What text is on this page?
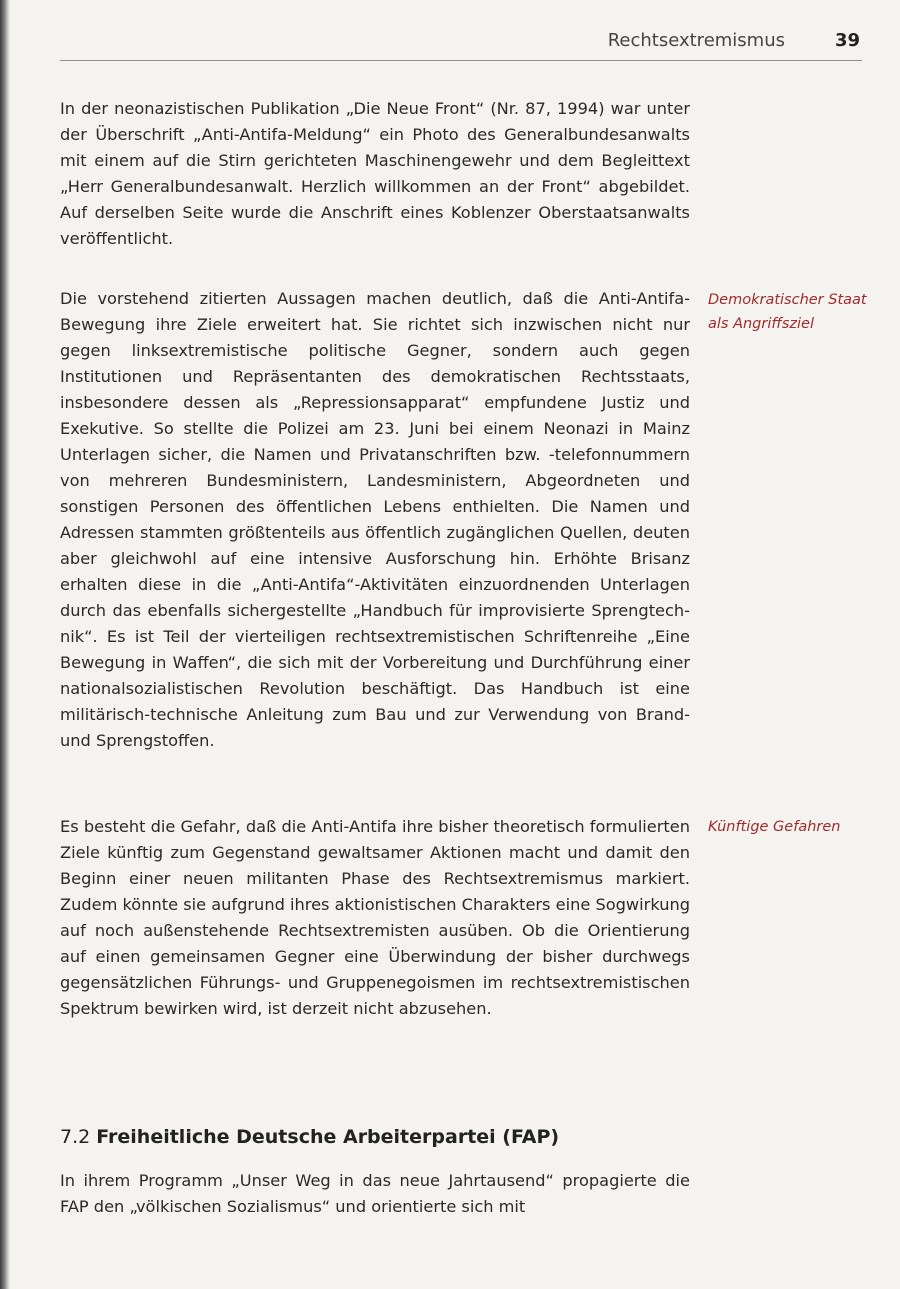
Rechtsextremismus	39

In der neonazistischen Publikation „Die Neue Front“ (Nr. 87, 1994) war unter der Überschrift „Anti-Antifa-Meldung“ ein Photo des Generalbundesanwalts mit einem auf die Stirn gerichteten Maschinengewehr und dem Begleittext „Herr Generalbundesanwalt. Herzlich willkommen an der Front“ abgebildet. Auf derselben Seite wurde die Anschrift eines Koblenzer Oberstaatsanwalts veröffentlicht.

Die vorstehend zitierten Aussagen machen deutlich, daß die Anti-Antifa-Bewegung ihre Ziele erweitert hat. Sie richtet sich inzwischen nicht nur gegen linksextremistische politische Gegner, sondern auch gegen Institutionen und Repräsentanten des demokratischen Rechtsstaats, insbesondere dessen als „Repressionsapparat“ empfundene Justiz und Exekutive. So stellte die Polizei am 23. Juni bei einem Neonazi in Mainz Unterlagen sicher, die Namen und Privatanschriften bzw. -telefonnummern von mehreren Bundesministern, Landesministern, Abgeordneten und sonstigen Personen des öffentlichen Lebens enthielten. Die Namen und Adressen stammten größtenteils aus öffentlich zugänglichen Quellen, deuten aber gleichwohl auf eine intensive Ausforschung hin. Erhöhte Brisanz erhalten diese in die „Anti-Antifa“-Aktivitäten einzuordnenden Unterlagen durch das ebenfalls sichergestellte „Handbuch für improvisierte Sprengtechnik“. Es ist Teil der vierteiligen rechtsextremistischen Schriftenreihe „Eine Bewegung in Waffen“, die sich mit der Vorbereitung und Durchführung einer nationalsozialistischen Revolution beschäftigt. Das Handbuch ist eine militärisch-technische Anleitung zum Bau und zur Verwendung von Brand- und Sprengstoffen.

Demokratischer Staat als Angriffsziel

Es besteht die Gefahr, daß die Anti-Antifa ihre bisher theoretisch formulierten Ziele künftig zum Gegenstand gewaltsamer Aktionen macht und damit den Beginn einer neuen militanten Phase des Rechtsextremismus markiert. Zudem könnte sie aufgrund ihres aktionistischen Charakters eine Sogwirkung auf noch außenstehende Rechtsextremisten ausüben. Ob die Orientierung auf einen gemeinsamen Gegner eine Überwindung der bisher durchwegs gegensätzlichen Führungs- und Gruppenegoismen im rechtsextremistischen Spektrum bewirken wird, ist derzeit nicht abzusehen.

Künftige Gefahren
7.2 Freiheitliche Deutsche Arbeiterpartei (FAP)

In ihrem Programm „Unser Weg in das neue Jahrtausend“ propagierte die FAP den „völkischen Sozialismus“ und orientierte sich mit
